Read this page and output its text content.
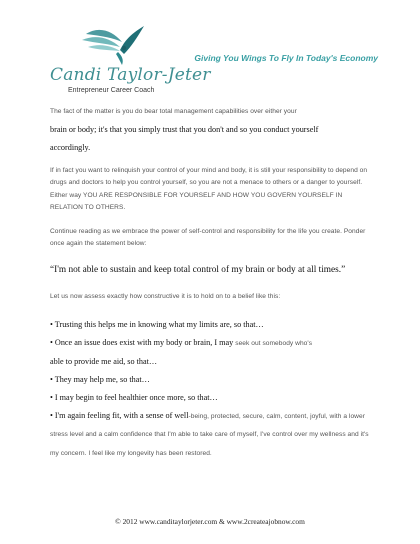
Candi Taylor-Jeter
Entrepreneur Career Coach
Giving You Wings To Fly In Today's Economy

The fact of the matter is you do bear total management capabilities over either your
brain or body; it's that you simply trust that you don't and so you conduct yourself
accordingly.

If in fact you want to relinquish your control of your mind and body, it is still your responsibility to depend on drugs and doctors to help you control yourself, so you are not a menace to others or a danger to yourself. Either way YOU ARE RESPONSIBLE FOR YOURSELF AND HOW YOU GOVERN YOURSELF IN RELATION TO OTHERS.

Continue reading as we embrace the power of self-control and responsibility for the life you create. Ponder once again the statement below:

“I'm not able to sustain and keep total control of my brain or body at all times.”

Let us now assess exactly how constructive it is to hold on to a belief like this:

• Trusting this helps me in knowing what my limits are, so that…
• Once an issue does exist with my body or brain, I may seek out somebody who's
able to provide me aid, so that…
• They may help me, so that…
• I may begin to feel healthier once more, so that…
• I'm again feeling fit, with a sense of well-being, protected, secure, calm, content, joyful, with a lower stress level and a calm confidence that I'm able to take care of myself, I've control over my wellness and it's my concern. I feel like my longevity has been restored.
© 2012 www.canditaylorjeter.com & www.2createajobnow.com
